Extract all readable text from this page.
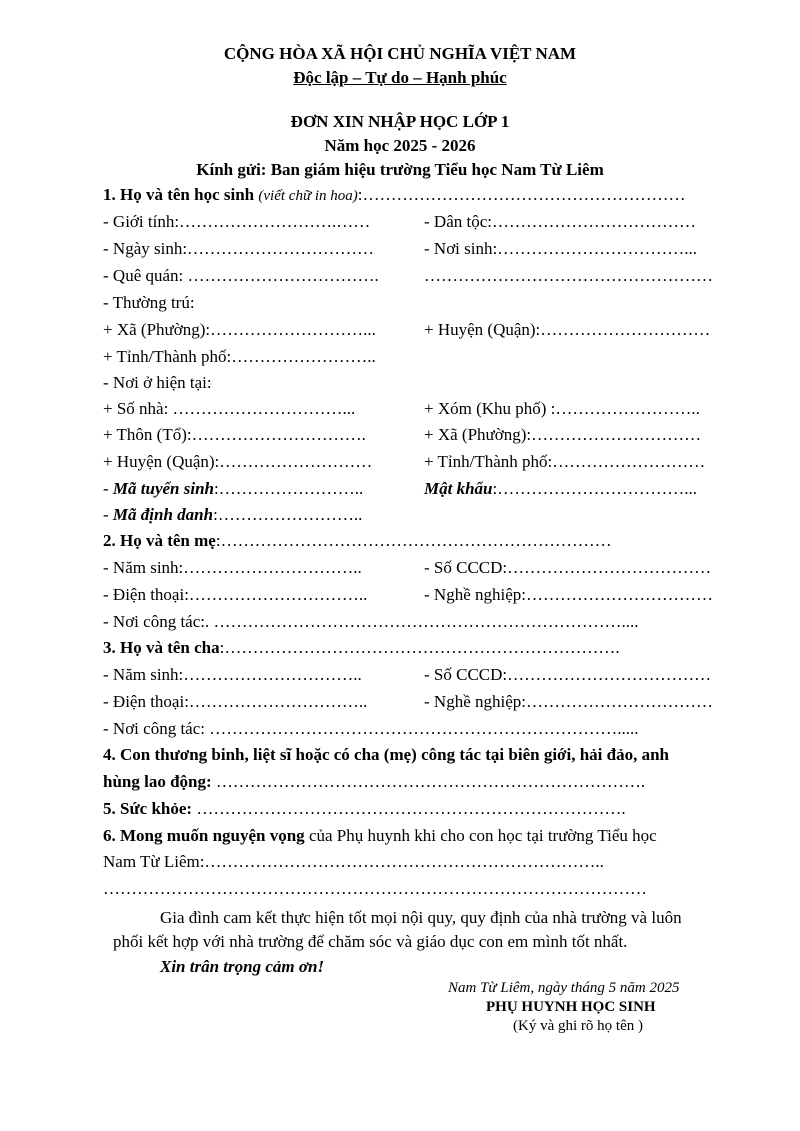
CỘNG HÒA XÃ HỘI CHỦ NGHĨA VIỆT NAM
Độc lập – Tự do – Hạnh phúc
ĐƠN XIN NHẬP HỌC LỚP 1
Năm học 2025 - 2026
Kính gửi: Ban giám hiệu trường Tiểu học Nam Từ Liêm
1. Họ và tên học sinh (viết chữ in hoa):…………………………………………………
- Giới tính:……………………….……	- Dân tộc:………………………………
- Ngày sinh:……………………………	- Nơi sinh:……………………………...
- Quê quán: …………………………….	……………………………………………
- Thường trú:
+ Xã (Phường):………………………...	+ Huyện (Quận):…………………………
+ Tỉnh/Thành phố:……………………..
- Nơi ở hiện tại:
+ Số nhà: …………………………...	+ Xóm (Khu phố) :……………………..
+ Thôn (Tổ):………………………….	+ Xã (Phường):…………………………
+ Huyện (Quận):………………………	+ Tỉnh/Thành phố:………………………
- Mã tuyển sinh:……………………..	Mật khẩu:……………………………...
- Mã định danh:……………………..
2. Họ và tên mẹ:……………………………………………………………
- Năm sinh:…………………………..	- Số CCCD:………………………………
- Điện thoại:…………………………..	- Nghề nghiệp:……………………………
- Nơi công tác:. ………………………………………………………………....
3. Họ và tên cha:…………………………………………………………….
- Năm sinh:…………………………..	- Số CCCD:………………………………
- Điện thoại:…………………………..	- Nghề nghiệp:……………………………
- Nơi công tác: ……………………………………………………………….....
4. Con thương binh, liệt sĩ hoặc có cha (mẹ) công tác tại biên giới, hải đảo, anh
hùng lao động: ………………………………………………………………….
5. Sức khỏe: ………………………………………………………………….
6. Mong muốn nguyện vọng của Phụ huynh khi cho con học tại trường Tiểu học
Nam Từ Liêm:……………………………………………………………..
……………………………………………………………………………………
Gia đình cam kết thực hiện tốt mọi nội quy, quy định của nhà trường và luôn
phối kết hợp với nhà trường để chăm sóc và giáo dục con em mình tốt nhất.
Xin trân trọng cảm ơn!
Nam Từ Liêm, ngày tháng 5 năm 2025
PHỤ HUYNH HỌC SINH
(Ký và ghi rõ họ tên )
